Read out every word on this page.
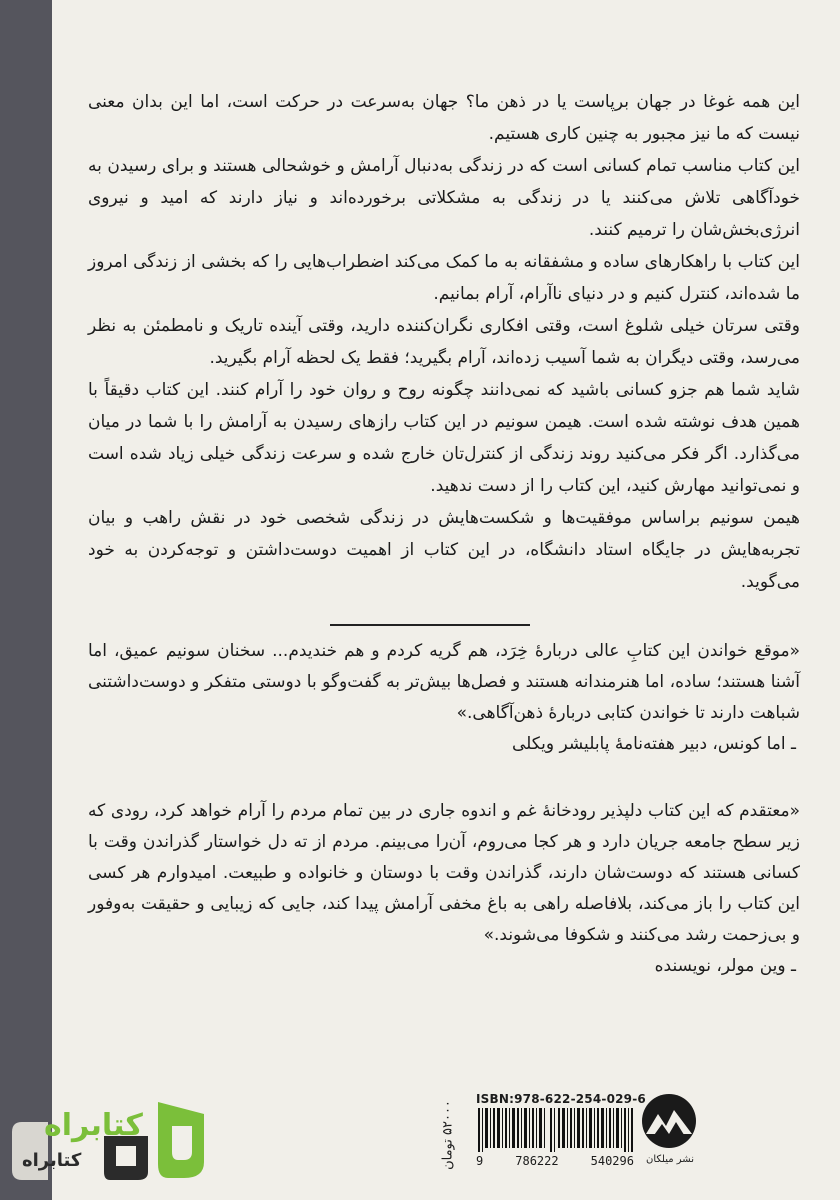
این همه غوغا در جهان برپاست یا در ذهن ما؟ جهان به‌سرعت در حرکت است، اما این بدان معنی نیست که ما نیز مجبور به چنین کاری هستیم.

این کتاب مناسب تمام کسانی است که در زندگی به‌دنبال آرامش و خوشحالی هستند و برای رسیدن به خودآگاهی تلاش می‌کنند یا در زندگی به مشکلاتی برخورده‌اند و نیاز دارند که امید و نیروی انرژی‌بخش‌شان را ترمیم کنند.

این کتاب با راهکارهای ساده و مشفقانه به ما کمک می‌کند اضطراب‌هایی را که بخشی از زندگی امروز ما شده‌اند، کنترل کنیم و در دنیای ناآرام، آرام بمانیم.

وقتی سرتان خیلی شلوغ است، وقتی افکاری نگران‌کننده دارید، وقتی آینده تاریک و نامطمئن به نظر می‌رسد، وقتی دیگران به شما آسیب زده‌اند، آرام بگیرید؛ فقط یک لحظه آرام بگیرید.

شاید شما هم جزو کسانی باشید که نمی‌دانند چگونه روح و روان خود را آرام کنند. این کتاب دقیقاً با همین هدف نوشته شده است. هیمن سونیم در این کتاب رازهای رسیدن به آرامش را با شما در میان می‌گذارد. اگر فکر می‌کنید روند زندگی از کنترل‌تان خارج شده و سرعت زندگی خیلی زیاد شده است و نمی‌توانید مهارش کنید، این کتاب را از دست ندهید.

هیمن سونیم براساس موفقیت‌ها و شکست‌هایش در زندگی شخصی خود در نقش راهب و بیان تجربه‌هایش در جایگاه استاد دانشگاه، در این کتاب از اهمیت دوست‌داشتن و توجه‌کردن به خود می‌گوید.

«موقع خواندن این کتابِ عالی دربارهٔ خِرَد، هم گریه کردم و هم خندیدم... سخنان سونیم عمیق، اما آشنا هستند؛ ساده، اما هنرمندانه هستند و فصل‌ها بیش‌تر به گفت‌وگو با دوستی متفکر و دوست‌داشتنی شباهت دارند تا خواندن کتابی دربارهٔ ذهن‌آگاهی.»

ـ اما کونس، دبیر هفته‌نامهٔ پابلیشر ویکلی

«معتقدم که این کتاب دلپذیر رودخانهٔ غم و اندوه جاری در بین تمام مردم را آرام خواهد کرد، رودی که زیر سطح جامعه جریان دارد و هر کجا می‌روم، آن‌را می‌بینم. مردم از ته دل خواستار گذراندن وقت با کسانی هستند که دوست‌شان دارند، گذراندن وقت با دوستان و خانواده و طبیعت. امیدوارم هر کسی این کتاب را باز می‌کند، بلافاصله راهی به باغ مخفی آرامش پیدا کند، جایی که زیبایی و حقیقت به‌وفور و بی‌زحمت رشد می‌کنند و شکوفا می‌شوند.»

ـ وین مولر، نویسنده

کتابراه
کتابراه	۵۲۰۰۰ تومان
ISBN:978-622-254-029-6
9	786222	540296 نشر میلکان
